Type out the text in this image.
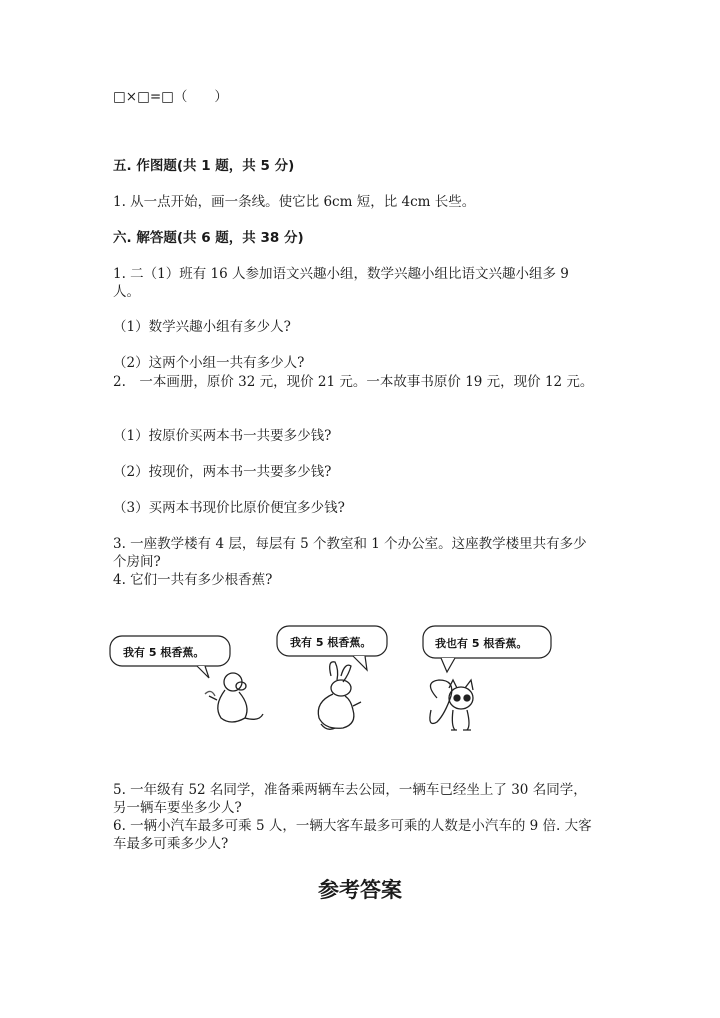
□×□=□（　　）
五. 作图题(共 1 题，共 5 分)
1. 从一点开始，画一条线。使它比 6cm 短，比 4cm 长些。
六. 解答题(共 6 题，共 38 分)
1. 二（1）班有 16 人参加语文兴趣小组，数学兴趣小组比语文兴趣小组多 9
人。
（1）数学兴趣小组有多少人?
（2）这两个小组一共有多少人?
2.　一本画册，原价 32 元，现价 21 元。一本故事书原价 19 元，现价 12 元。
（1）按原价买两本书一共要多少钱?
（2）按现价，两本书一共要多少钱?
（3）买两本书现价比原价便宜多少钱?
3. 一座教学楼有 4 层，每层有 5 个教室和 1 个办公室。这座教学楼里共有多少
个房间?
4. 它们一共有多少根香蕉?
我有 5 根香蕉。
我有 5 根香蕉。	我也有 5 根香蕉。
5. 一年级有 52 名同学，准备乘两辆车去公园，一辆车已经坐上了 30 名同学，
另一辆车要坐多少人?
6. 一辆小汽车最多可乘 5 人，一辆大客车最多可乘的人数是小汽车的 9 倍. 大客
车最多可乘多少人?
参考答案
